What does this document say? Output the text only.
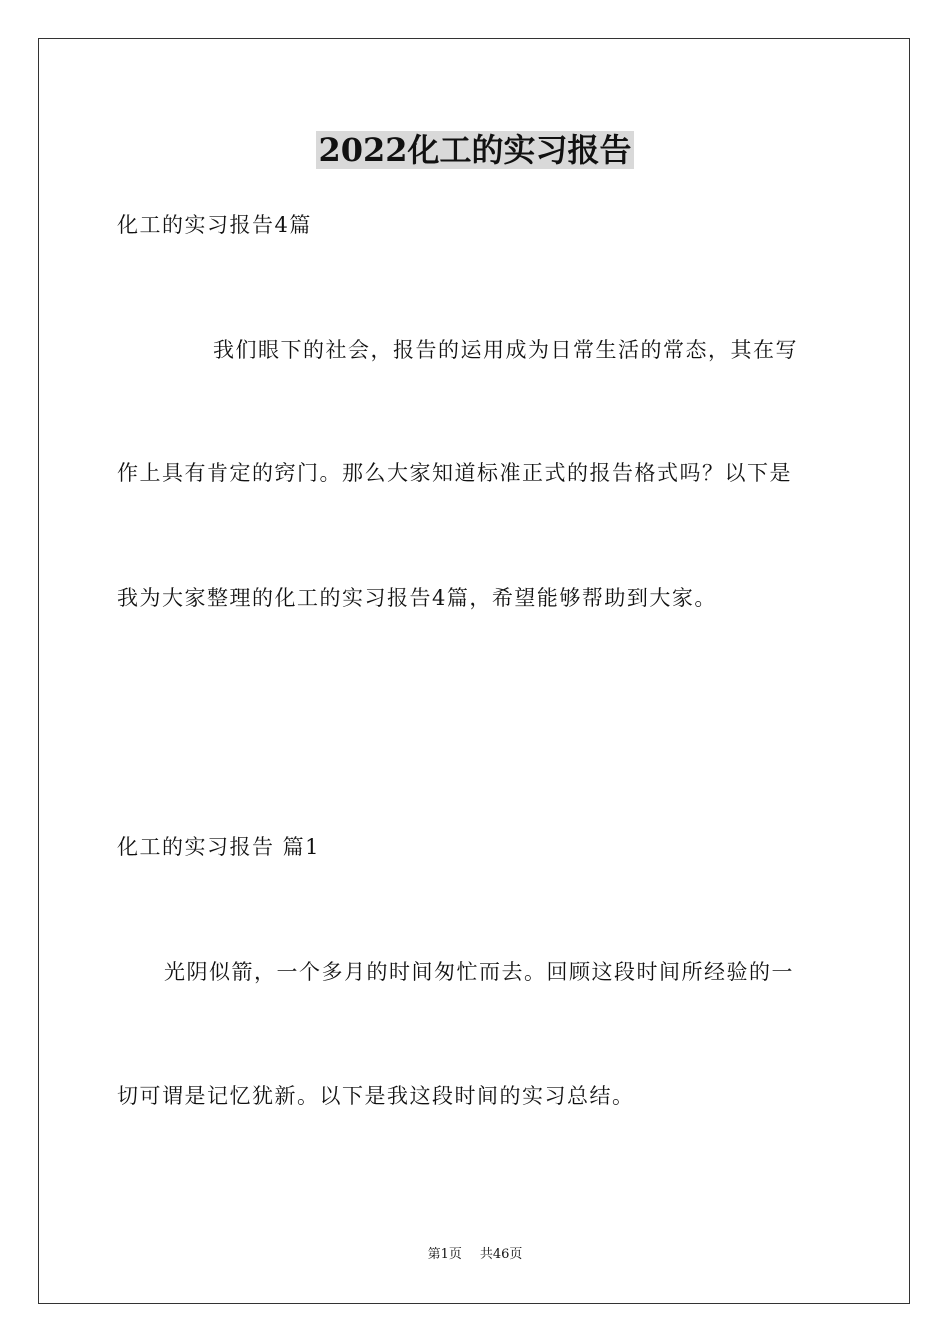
2022化工的实习报告
化工的实习报告4篇
我们眼下的社会，报告的运用成为日常生活的常态，其在写
作上具有肯定的窍门。那么大家知道标准正式的报告格式吗？以下是
我为大家整理的化工的实习报告4篇，希望能够帮助到大家。
化工的实习报告 篇1
光阴似箭，一个多月的时间匆忙而去。回顾这段时间所经验的一
切可谓是记忆犹新。以下是我这段时间的实习总结。
第1页 共46页
